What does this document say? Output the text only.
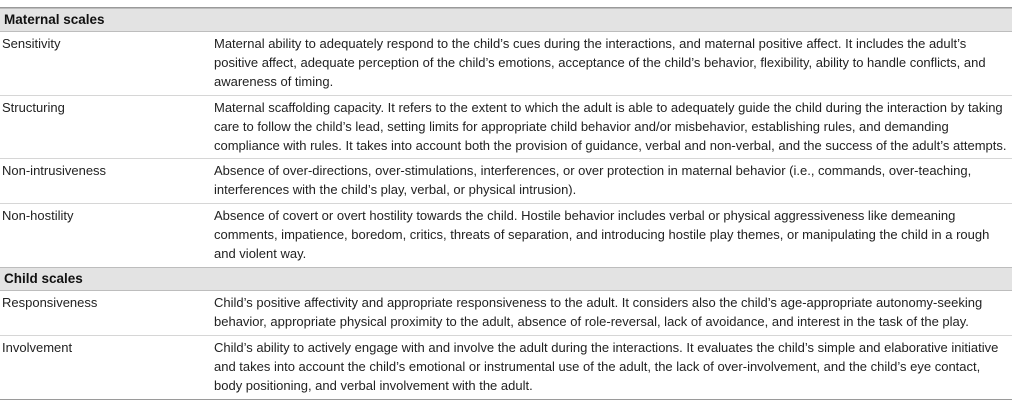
Maternal scales
Sensitivity	Maternal ability to adequately respond to the child’s cues during the interactions, and maternal positive affect. It includes the adult’s positive affect, adequate perception of the child’s emotions, acceptance of the child’s behavior, flexibility, ability to handle conflicts, and awareness of timing.
Structuring	Maternal scaffolding capacity. It refers to the extent to which the adult is able to adequately guide the child during the interaction by taking care to follow the child’s lead, setting limits for appropriate child behavior and/or misbehavior, establishing rules, and demanding compliance with rules. It takes into account both the provision of guidance, verbal and non-verbal, and the success of the adult’s attempts.
Non-intrusiveness	Absence of over-directions, over-stimulations, interferences, or over protection in maternal behavior (i.e., commands, over-teaching, interferences with the child’s play, verbal, or physical intrusion).
Non-hostility	Absence of covert or overt hostility towards the child. Hostile behavior includes verbal or physical aggressiveness like demeaning comments, impatience, boredom, critics, threats of separation, and introducing hostile play themes, or manipulating the child in a rough and violent way.
Child scales
Responsiveness	Child’s positive affectivity and appropriate responsiveness to the adult. It considers also the child’s age-appropriate autonomy-seeking behavior, appropriate physical proximity to the adult, absence of role-reversal, lack of avoidance, and interest in the task of the play.
Involvement	Child’s ability to actively engage with and involve the adult during the interactions. It evaluates the child’s simple and elaborative initiative and takes into account the child’s emotional or instrumental use of the adult, the lack of over-involvement, and the child’s eye contact, body positioning, and verbal involvement with the adult.
